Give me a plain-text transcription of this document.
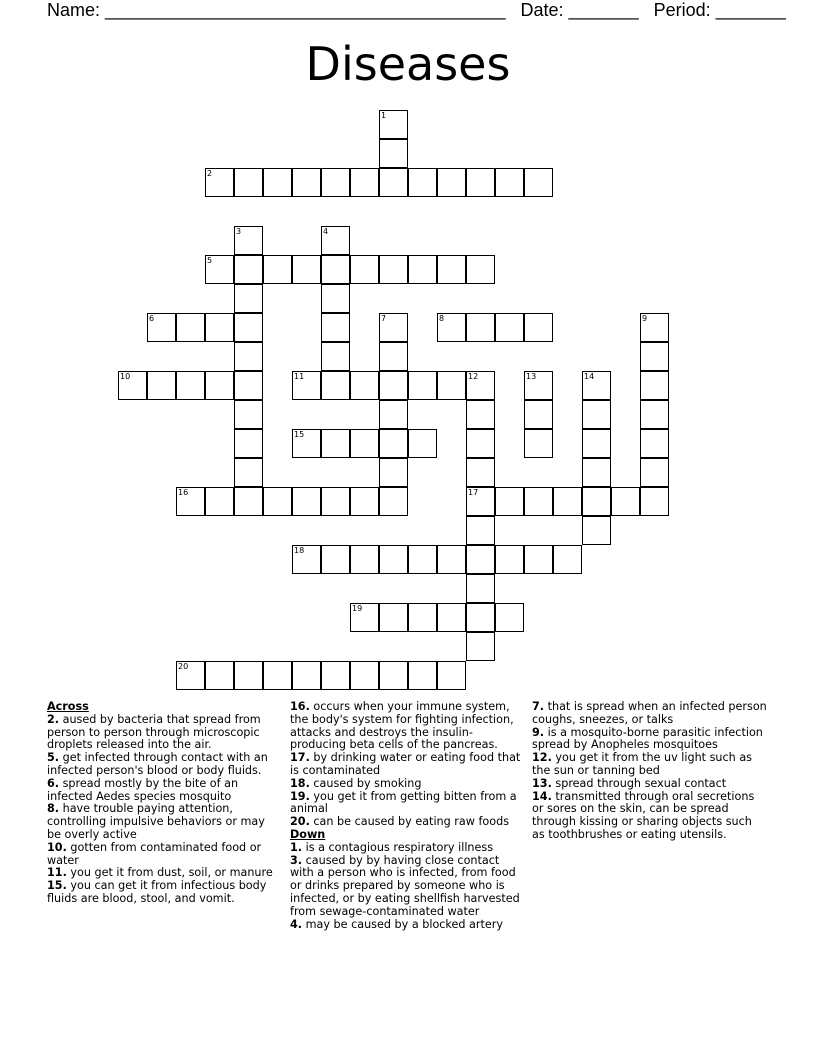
Name: ________________________________________ Date: _______ Period: _______
Diseases
2
5
6	8
10	11	12
15
16	17
18
19
20
1
3	4
7	9
13	14
Across
2. aused by bacteria that spread from person to person through microscopic droplets released into the air.
5. get infected through contact with an infected person's blood or body fluids.
6. spread mostly by the bite of an infected Aedes species mosquito
8. have trouble paying attention, controlling impulsive behaviors or may be overly active
10. gotten from contaminated food or water
11. you get it from dust, soil, or manure
15. you can get it from infectious body fluids are blood, stool, and vomit.
16. occurs when your immune system, the body's system for fighting infection, attacks and destroys the insulin-producing beta cells of the pancreas.
17. by drinking water or eating food that is contaminated
18. caused by smoking
19. you get it from getting bitten from a animal
20. can be caused by eating raw foods
Down
1. is a contagious respiratory illness
3. caused by by having close contact with a person who is infected, from food or drinks prepared by someone who is infected, or by eating shellfish harvested from sewage-contaminated water
4. may be caused by a blocked artery
7. that is spread when an infected person coughs, sneezes, or talks
9. is a mosquito-borne parasitic infection spread by Anopheles mosquitoes
12. you get it from the uv light such as the sun or tanning bed
13. spread through sexual contact
14. transmitted through oral secretions or sores on the skin, can be spread through kissing or sharing objects such as toothbrushes or eating utensils.
